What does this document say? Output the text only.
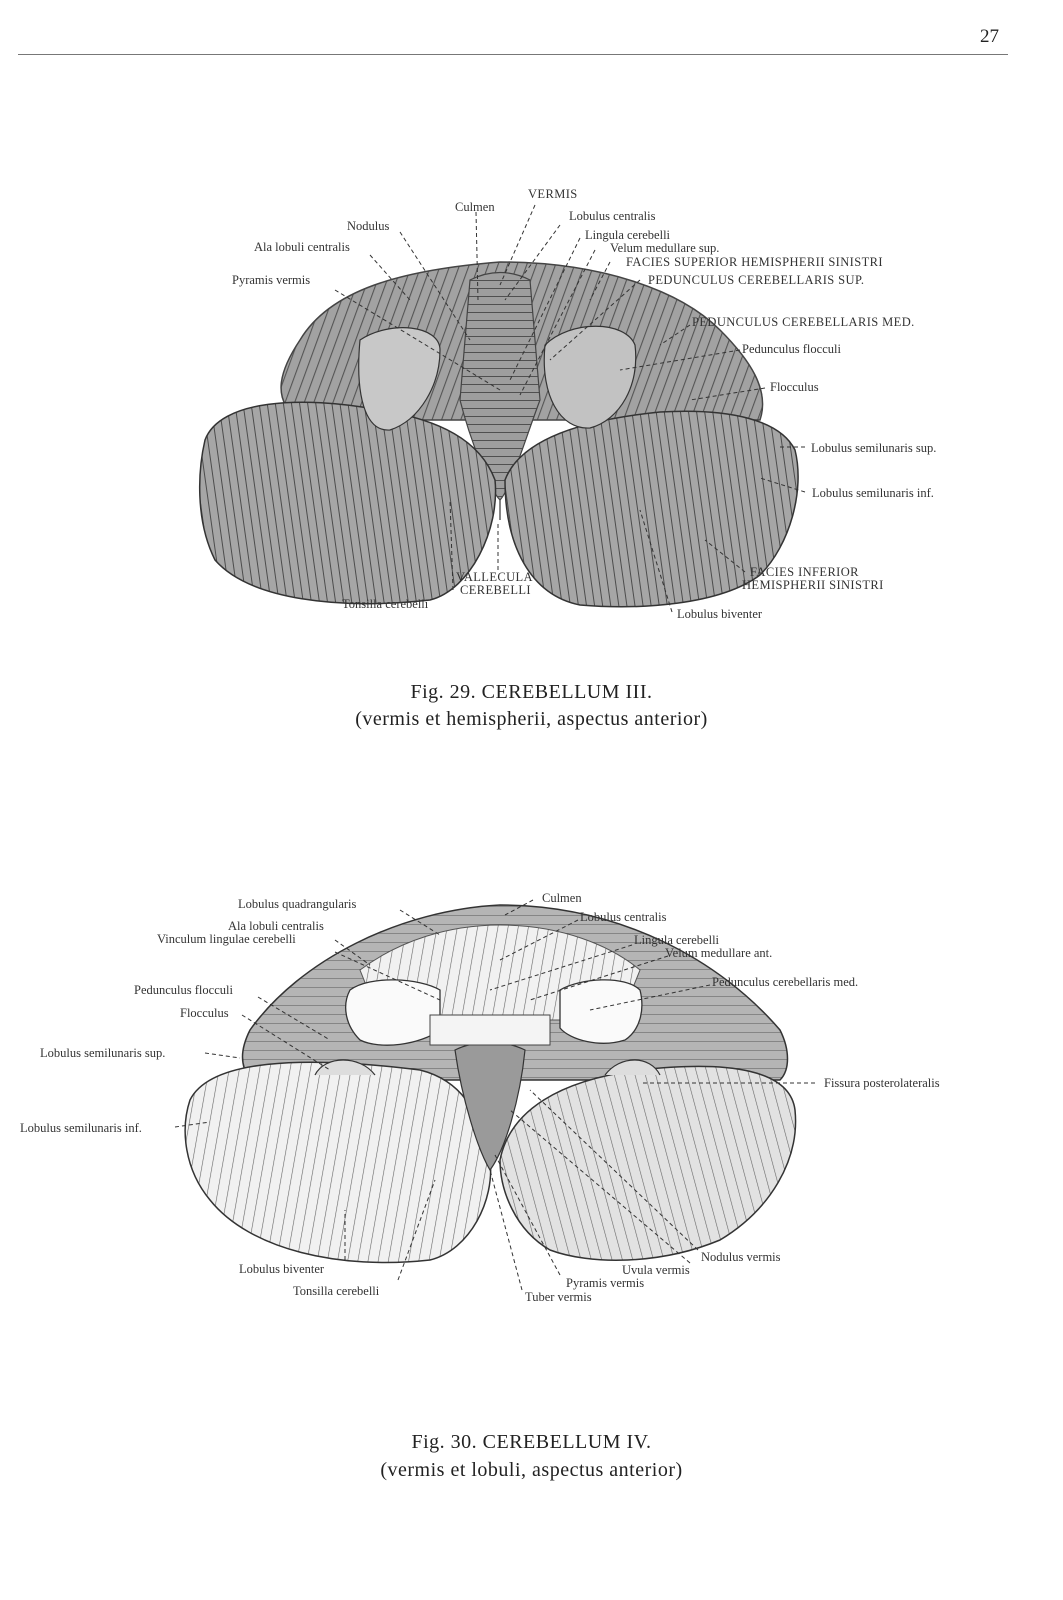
27
VERMIS
Culmen
Nodulus
Lobulus centralis
Lingula cerebelli
Ala lobuli centralis	Velum medullare sup.
FACIES SUPERIOR HEMISPHERII SINISTRI
Pyramis vermis	PEDUNCULUS CEREBELLARIS SUP.
PEDUNCULUS CEREBELLARIS MED.
Pedunculus flocculi
Flocculus
Lobulus semilunaris sup.
Lobulus semilunaris inf.
FACIES INFERIOR
HEMISPHERII SINISTRI
VALLECULA
CEREBELLI
Tonsilla cerebelli
Lobulus biventer
Fig. 29. CEREBELLUM III.
(vermis et hemispherii, aspectus anterior)
Lobulus quadrangularis	Culmen
Lobulus centralis
Ala lobuli centralis
Vinculum lingulae cerebelli	Lingula cerebelli
Velum medullare ant.
Pedunculus cerebellaris med.
Pedunculus flocculi
Flocculus
Lobulus semilunaris sup.
Fissura posterolateralis
Lobulus semilunaris inf.
Nodulus vermis
Uvula vermis
Lobulus biventer
Pyramis vermis
Tonsilla cerebelli	Tuber vermis
Fig. 30. CEREBELLUM IV.
(vermis et lobuli, aspectus anterior)
